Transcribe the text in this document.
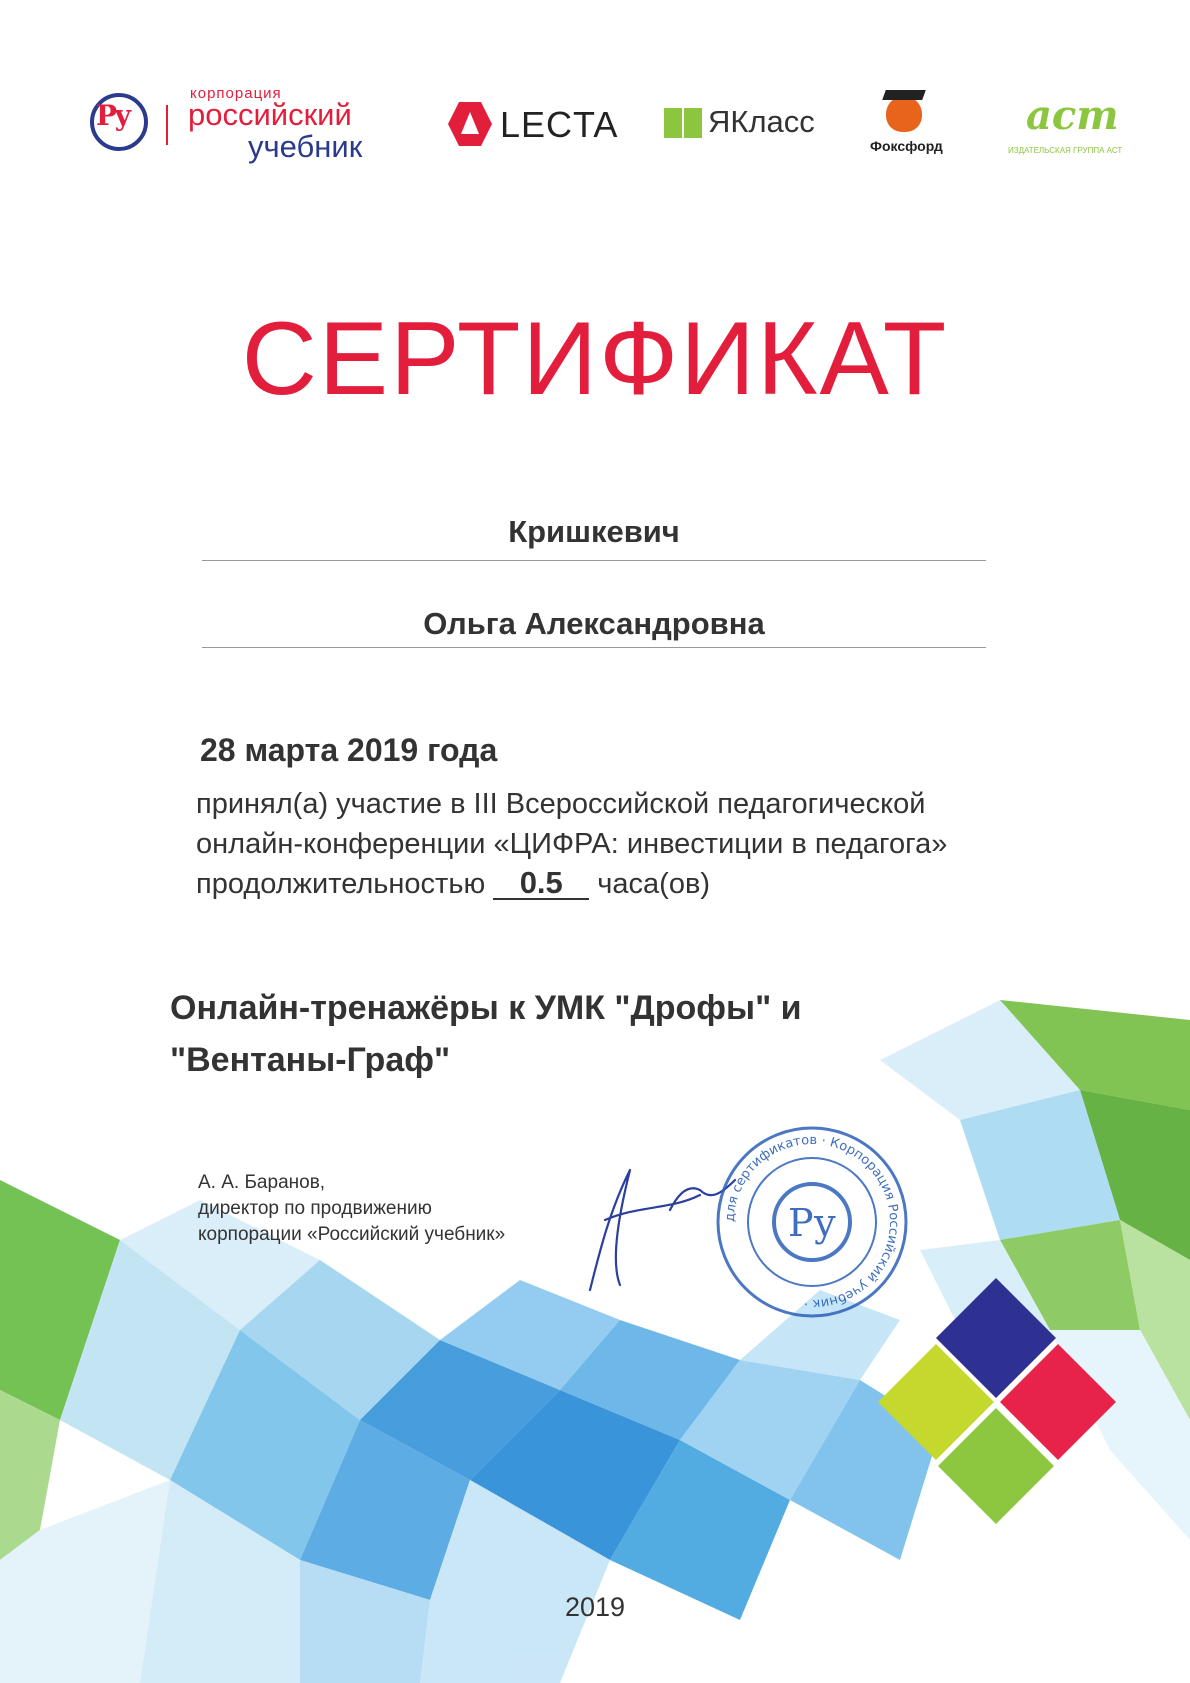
Ру
корпорация
российский
учебник
LECTA	ЯКласс
Фоксфорд
аст
ИЗДАТЕЛЬСКАЯ ГРУППА АСТ
СЕРТИФИКАТ
Кришкевич
Ольга Александровна
28 марта 2019 года
принял(а) участие в III Всероссийской педагогической
онлайн-конференции «ЦИФРА: инвестиции в педагога»
продолжительностью 0.5 часа(ов)
Онлайн-тренажёры к УМК "Дрофы" и
"Вентаны-Граф"
А. А. Баранов,
директор по продвижению
корпорации «Российский учебник»
для сертификатов · Корпорация Российский учебник ·
Ру
2019
